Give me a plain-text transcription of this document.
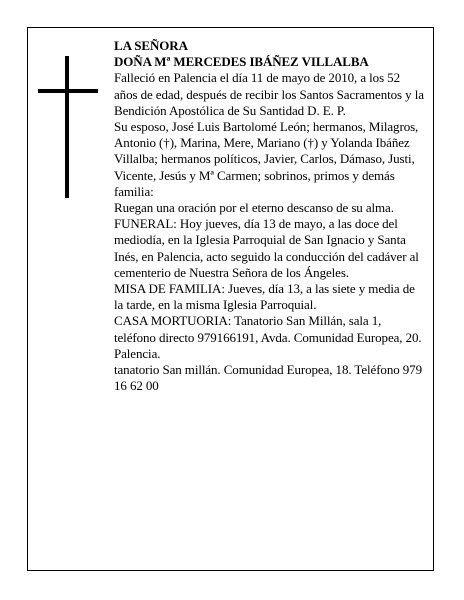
LA SEÑORA
DOÑA Mª MERCEDES IBÁÑEZ VILLALBA

Falleció en Palencia el día 11 de mayo de 2010, a los 52 años de edad, después de recibir los Santos Sacramentos y la Bendición Apostólica de Su Santidad D. E. P.

Su esposo, José Luis Bartolomé León; hermanos, Milagros, Antonio (†), Marina, Mere, Mariano (†) y Yolanda Ibáñez Villalba; hermanos políticos, Javier, Carlos, Dámaso, Justi, Vicente, Jesús y Mª Carmen; sobrinos, primos y demás familia:

Ruegan una oración por el eterno descanso de su alma.

FUNERAL: Hoy jueves, día 13 de mayo, a las doce del mediodía, en la Iglesia Parroquial de San Ignacio y Santa Inés, en Palencia, acto seguido la conducción del cadáver al cementerio de Nuestra Señora de los Ángeles.

MISA DE FAMILIA: Jueves, día 13, a las siete y media de la tarde, en la misma Iglesia Parroquial.

CASA MORTUORIA: Tanatorio San Millán, sala 1, teléfono directo 979166191, Avda. Comunidad Europea, 20. Palencia.

tanatorio San millán. Comunidad Europea, 18. Teléfono 979 16 62 00
